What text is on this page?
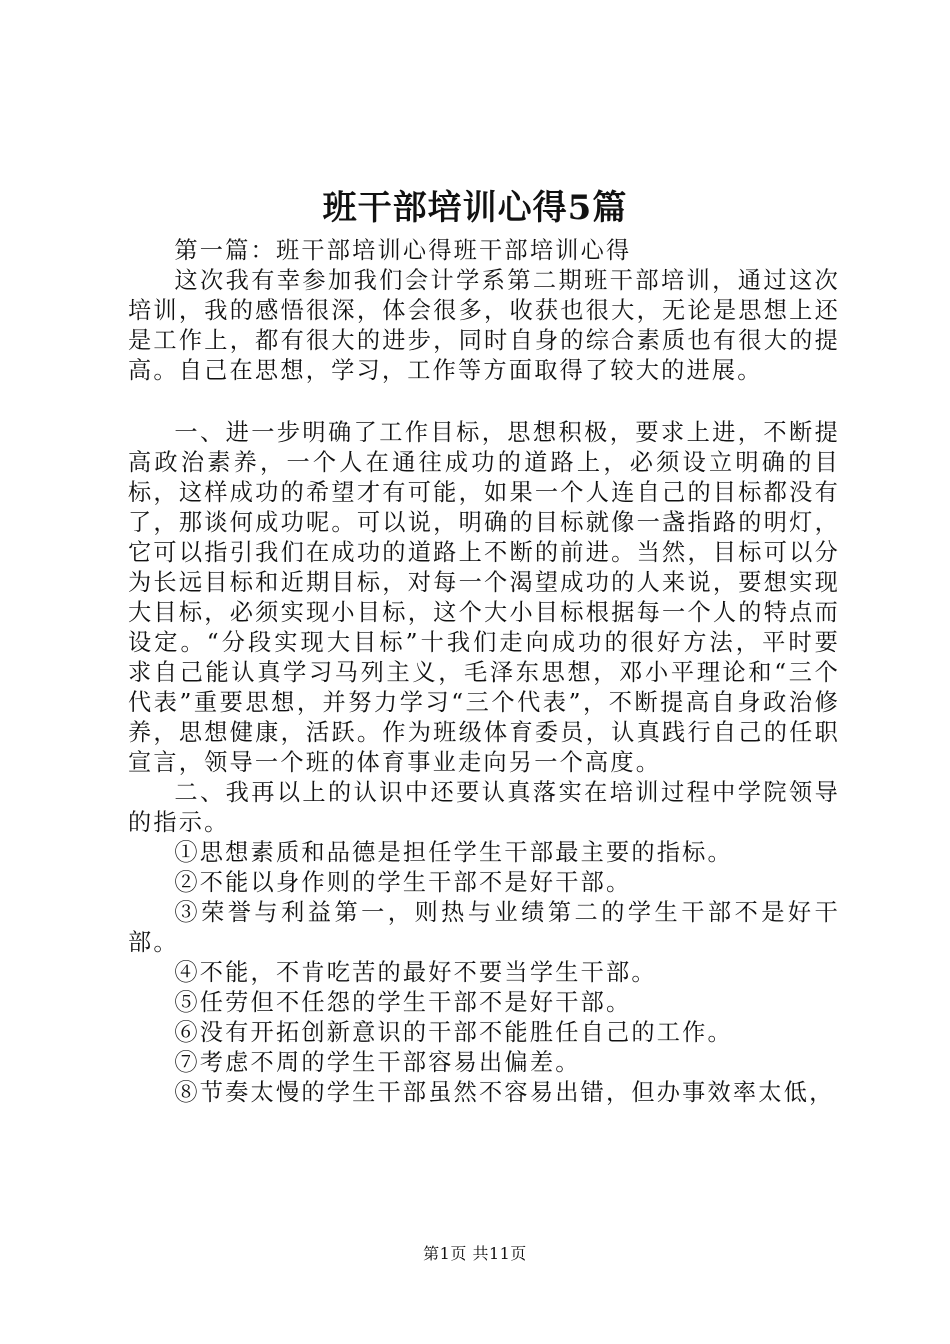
班干部培训心得5篇

第一篇：班干部培训心得班干部培训心得

这次我有幸参加我们会计学系第二期班干部培训，通过这次培训，我的感悟很深，体会很多，收获也很大，无论是思想上还是工作上，都有很大的进步，同时自身的综合素质也有很大的提高。自己在思想，学习，工作等方面取得了较大的进展。

一、进一步明确了工作目标，思想积极，要求上进，不断提高政治素养，一个人在通往成功的道路上，必须设立明确的目标，这样成功的希望才有可能，如果一个人连自己的目标都没有了，那谈何成功呢。可以说，明确的目标就像一盏指路的明灯，它可以指引我们在成功的道路上不断的前进。当然，目标可以分为长远目标和近期目标，对每一个渴望成功的人来说，要想实现大目标，必须实现小目标，这个大小目标根据每一个人的特点而设定。“分段实现大目标”十我们走向成功的很好方法，平时要求自己能认真学习马列主义，毛泽东思想，邓小平理论和“三个代表”重要思想，并努力学习“三个代表”，不断提高自身政治修养，思想健康，活跃。作为班级体育委员，认真践行自己的任职宣言，领导一个班的体育事业走向另一个高度。

二、我再以上的认识中还要认真落实在培训过程中学院领导的指示。

①思想素质和品德是担任学生干部最主要的指标。

②不能以身作则的学生干部不是好干部。

③荣誉与利益第一，则热与业绩第二的学生干部不是好干部。

④不能，不肯吃苦的最好不要当学生干部。

⑤任劳但不任怨的学生干部不是好干部。

⑥没有开拓创新意识的干部不能胜任自己的工作。

⑦考虑不周的学生干部容易出偏差。

⑧节奏太慢的学生干部虽然不容易出错，但办事效率太低，

第1页 共11页
